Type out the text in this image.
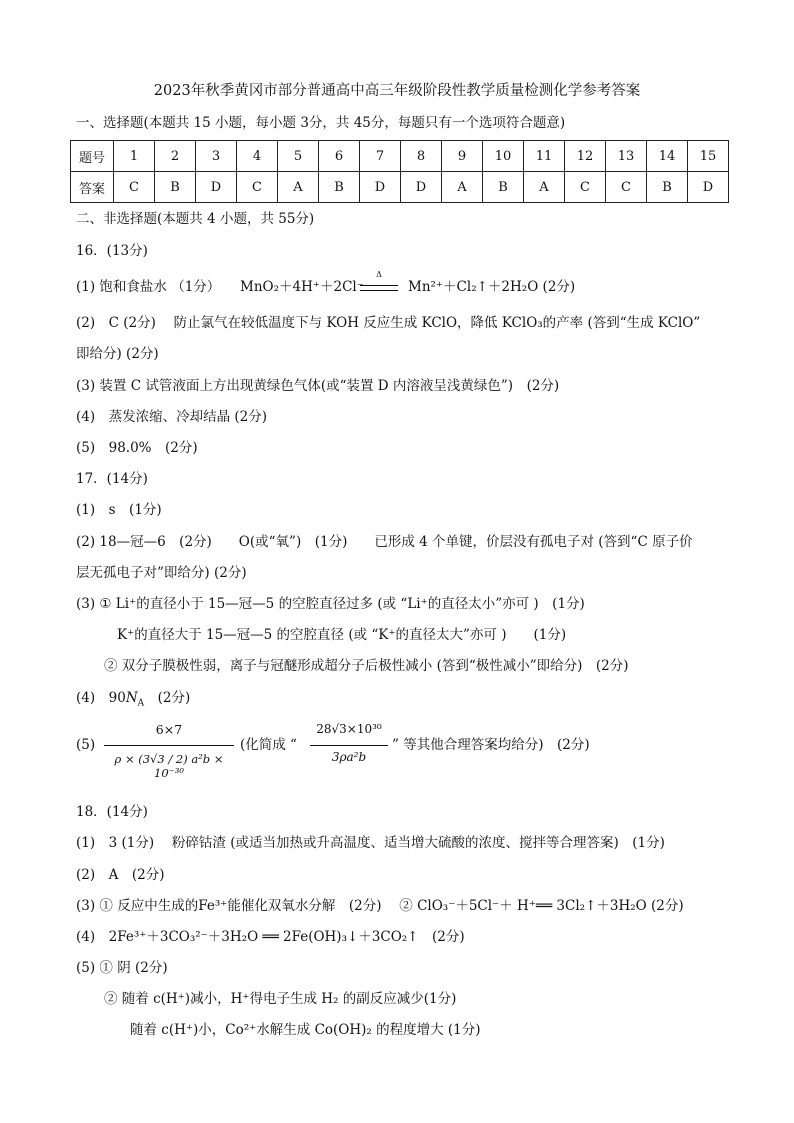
2023年秋季黄冈市部分普通高中高三年级阶段性教学质量检测化学参考答案
一、选择题(本题共 15 小题，每小题 3分，共 45分，每题只有一个选项符合题意)
题号	1	2	3	4	5	6	7	8	9	10	11	12	13	14	15
答案	C	B	D	C	A	B	D	D	A	B	A	C	C	B	D
二、非选择题(本题共 4 小题，共 55分)
16．(13分)
(1) 饱和食盐水 （1分） MnO₂＋4H⁺＋2Cl⁻
Δ
Mn²⁺＋Cl₂↑＋2H₂O (2分)
(2)　C (2分)　 防止氯气在较低温度下与 KOH 反应生成 KClO，降低 KClO₃的产率 (答到“生成 KClO”
即给分) (2分)
(3) 装置 C 试管液面上方出现黄绿色气体(或“装置 D 内溶液呈浅黄绿色”)　(2分)
(4)　蒸发浓缩、冷却结晶 (2分)
(5)　98.0%　(2分)
17．(14分)
(1)　s　(1分)
(2) 18—冠—6　(2分)　　O(或“氧”)　(1分)　　已形成 4 个单键，价层没有孤电子对 (答到“C 原子价
层无孤电子对”即给分) (2分)
(3) ① Li⁺的直径小于 15—冠—5 的空腔直径过多 (或 “Li⁺的直径太小”亦可 )　(1分)
K⁺的直径大于 15—冠—5 的空腔直径 (或 “K⁺的直径太大”亦可 )　　(1分)
② 双分子膜极性弱，离子与冠醚形成超分子后极性减小 (答到“极性减小”即给分)　(2分)
(4)　$90N_A$　 (2分)
(5)
6×7
ρ × (3√3 / 2) a²b × 10⁻³⁰
(化简成 “
28√3×10³⁰
3ρa²b
” 等其他合理答案均给分)　(2分)
18．(14分)
(1)　3 (1分)　 粉碎钴渣 (或适当加热或升高温度、适当增大硫酸的浓度、搅拌等合理答案)　(1分)
(2)　A　(2分)
(3) ① 反应中生成的Fe³⁺能催化双氧水分解　(2分)　 ② ClO₃⁻＋5Cl⁻＋ H⁺══ 3Cl₂↑＋3H₂O (2分)
(4)　2Fe³⁺＋3CO₃²⁻＋3H₂O ══ 2Fe(OH)₃↓＋3CO₂↑　(2分)
(5) ① 阴 (2分)
② 随着 c(H⁺)减小，H⁺得电子生成 H₂ 的副反应减少(1分)
随着 c(H⁺)小，Co²⁺水解生成 Co(OH)₂ 的程度增大 (1分)
